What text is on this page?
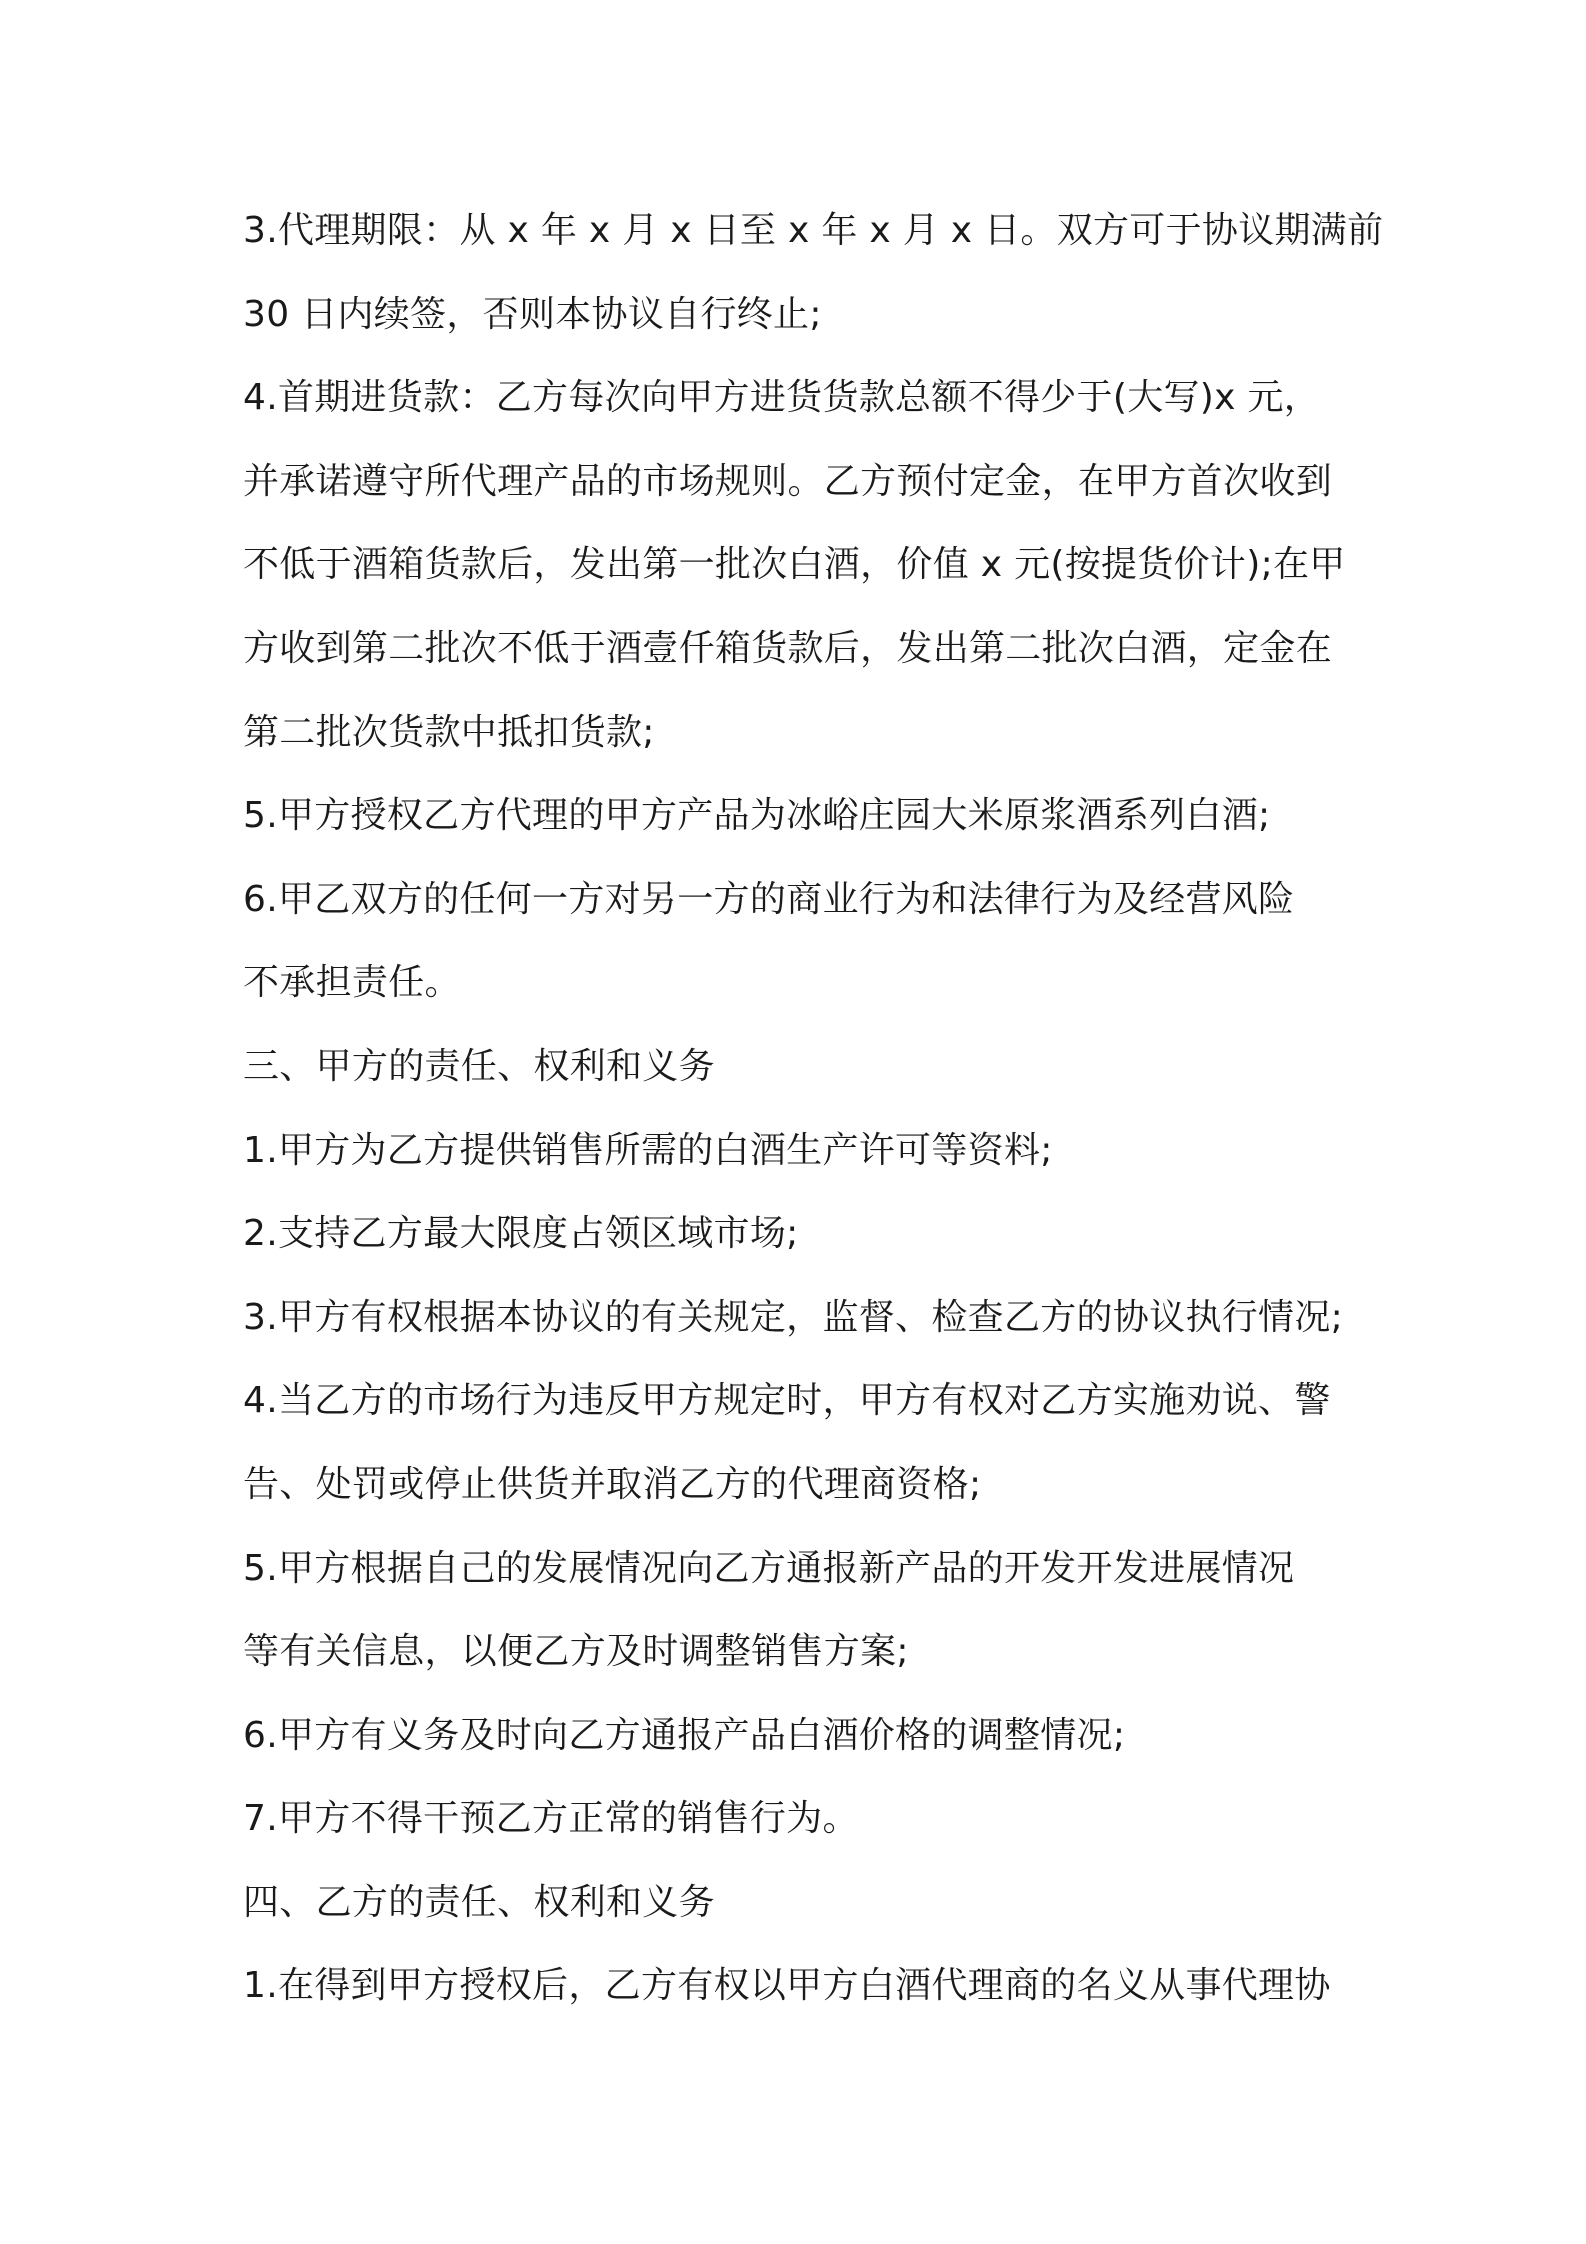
3.代理期限：从 x 年 x 月 x 日至 x 年 x 月 x 日。双方可于协议期满前
30 日内续签，否则本协议自行终止;
4.首期进货款：乙方每次向甲方进货货款总额不得少于(大写)x 元，
并承诺遵守所代理产品的市场规则。乙方预付定金，在甲方首次收到
不低于酒箱货款后，发出第一批次白酒，价值 x 元(按提货价计);在甲
方收到第二批次不低于酒壹仟箱货款后，发出第二批次白酒，定金在
第二批次货款中抵扣货款;
5.甲方授权乙方代理的甲方产品为冰峪庄园大米原浆酒系列白酒;
6.甲乙双方的任何一方对另一方的商业行为和法律行为及经营风险
不承担责任。
三、甲方的责任、权利和义务
1.甲方为乙方提供销售所需的白酒生产许可等资料;
2.支持乙方最大限度占领区域市场;
3.甲方有权根据本协议的有关规定，监督、检查乙方的协议执行情况;
4.当乙方的市场行为违反甲方规定时，甲方有权对乙方实施劝说、警
告、处罚或停止供货并取消乙方的代理商资格;
5.甲方根据自己的发展情况向乙方通报新产品的开发开发进展情况
等有关信息，以便乙方及时调整销售方案;
6.甲方有义务及时向乙方通报产品白酒价格的调整情况;
7.甲方不得干预乙方正常的销售行为。
四、乙方的责任、权利和义务
1.在得到甲方授权后，乙方有权以甲方白酒代理商的名义从事代理协
